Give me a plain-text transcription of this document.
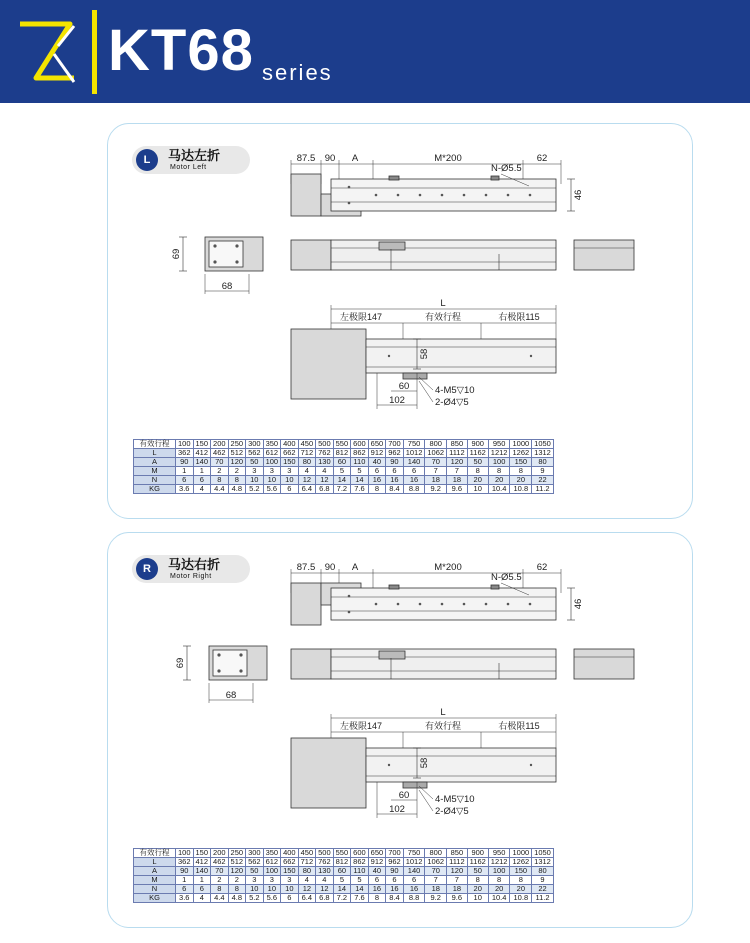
KT68 series
L	马达左折
Motor Left
87.5 90 A	M*200	62
46
N-Ø5.5
69
68
L
左极限147	有效行程	右极限115
58
60
102
4-M5▽10
2-Ø4▽5
有效行程	100	150	200	250	300	350	400	450	500	550	600	650	700	750	800	850	900	950	1000	1050
L	362	412	462	512	562	612	662	712	762	812	862	912	962	1012	1062	1112	1162	1212	1262	1312
A	90	140	70	120	50	100	150	80	130	60	110	40	90	140	70	120	50	100	150	80
M	1	1	2	2	3	3	3	4	4	5	5	6	6	6	7	7	8	8	8	9
N	6	6	8	8	10	10	10	12	12	14	14	16	16	16	18	18	20	20	20	22
KG	3.6	4	4.4	4.8	5.2	5.6	6	6.4	6.8	7.2	7.6	8	8.4	8.8	9.2	9.6	10	10.4	10.8	11.2
R	马达右折
Motor Right
87.5 90 A	M*200	62
46
N-Ø5.5
69
68
L
左极限147	有效行程	右极限115
58
60
102
4-M5▽10
2-Ø4▽5
有效行程	100	150	200	250	300	350	400	450	500	550	600	650	700	750	800	850	900	950	1000	1050
L	362	412	462	512	562	612	662	712	762	812	862	912	962	1012	1062	1112	1162	1212	1262	1312
A	90	140	70	120	50	100	150	80	130	60	110	40	90	140	70	120	50	100	150	80
M	1	1	2	2	3	3	3	4	4	5	5	6	6	6	7	7	8	8	8	9
N	6	6	8	8	10	10	10	12	12	14	14	16	16	16	18	18	20	20	20	22
KG	3.6	4	4.4	4.8	5.2	5.6	6	6.4	6.8	7.2	7.6	8	8.4	8.8	9.2	9.6	10	10.4	10.8	11.2
